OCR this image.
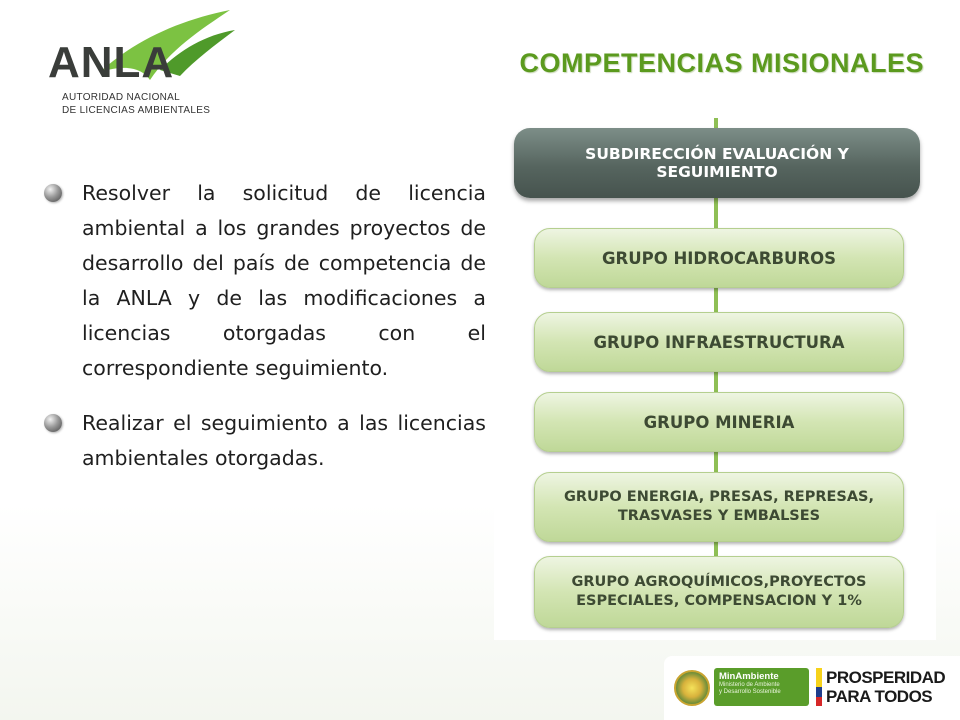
ANLA
AUTORIDAD NACIONAL
DE LICENCIAS AMBIENTALES
COMPETENCIAS MISIONALES

Resolver la solicitud de licencia ambiental a los grandes proyectos de desarrollo del país de competencia de la ANLA y de las modificaciones a licencias otorgadas con el correspondiente seguimiento.

Realizar el seguimiento a las licencias ambientales otorgadas.

SUBDIRECCIÓN EVALUACIÓN Y SEGUIMIENTO
GRUPO HIDROCARBUROS
GRUPO INFRAESTRUCTURA
GRUPO MINERIA
GRUPO ENERGIA, PRESAS, REPRESAS, TRASVASES Y EMBALSES
GRUPO AGROQUÍMICOS,PROYECTOS ESPECIALES, COMPENSACION Y 1%
MinAmbiente
Ministerio de Ambiente
y Desarrollo Sostenible
PROSPERIDAD
PARA TODOS
